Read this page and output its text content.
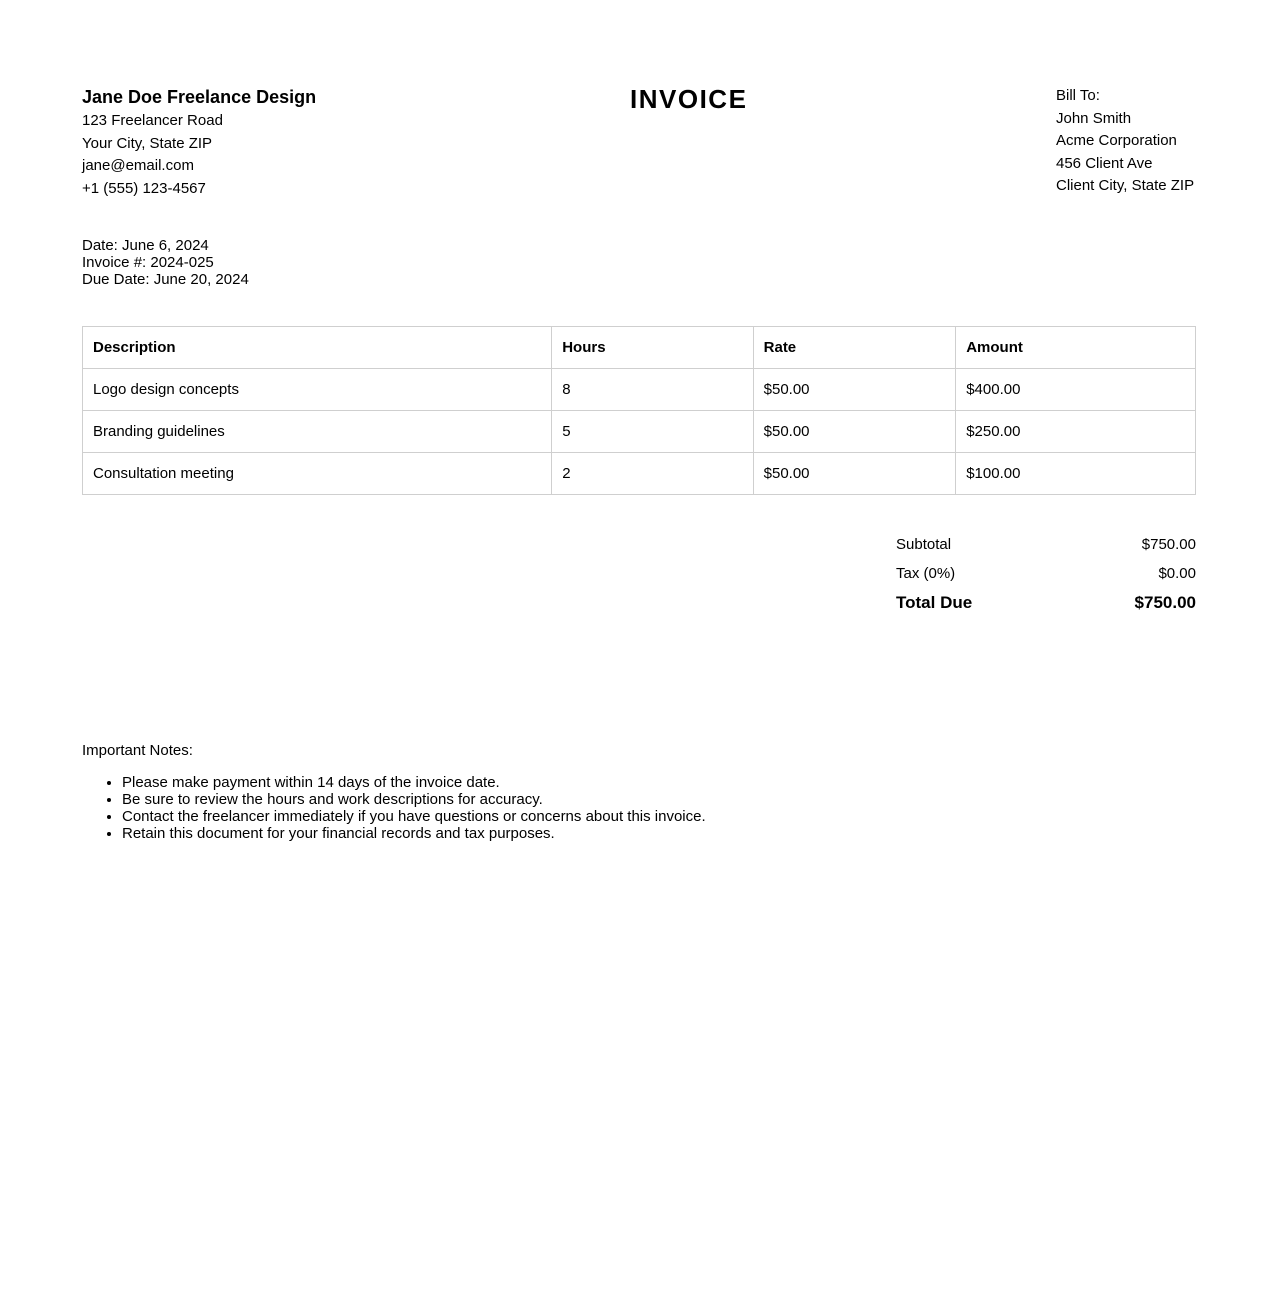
Jane Doe Freelance Design
123 Freelancer Road
Your City, State ZIP
jane@email.com
+1 (555) 123-4567
INVOICE	Bill To:
John Smith
Acme Corporation
456 Client Ave
Client City, State ZIP
Date: June 6, 2024
Invoice #: 2024-025
Due Date: June 20, 2024
Description	Hours	Rate	Amount
Logo design concepts	8	$50.00	$400.00
Branding guidelines	5	$50.00	$250.00
Consultation meeting	2	$50.00	$100.00
Subtotal	$750.00
Tax (0%)	$0.00
Total Due	$750.00
Important Notes:
• Please make payment within 14 days of the invoice date.
• Be sure to review the hours and work descriptions for accuracy.
• Contact the freelancer immediately if you have questions or concerns about this invoice.
• Retain this document for your financial records and tax purposes.
